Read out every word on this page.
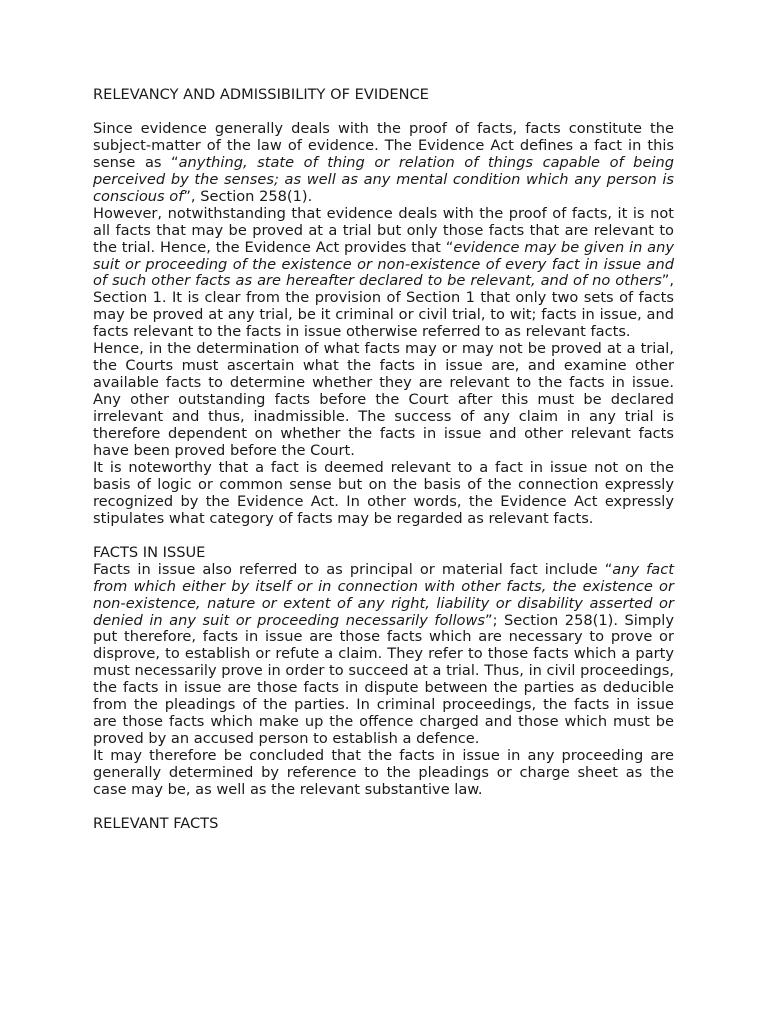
RELEVANCY AND ADMISSIBILITY OF EVIDENCE

Since evidence generally deals with the proof of facts, facts constitute the subject-matter of the law of evidence. The Evidence Act defines a fact in this sense as “anything, state of thing or relation of things capable of being perceived by the senses; as well as any mental condition which any person is conscious of”, Section 258(1).

However, notwithstanding that evidence deals with the proof of facts, it is not all facts that may be proved at a trial but only those facts that are relevant to the trial. Hence, the Evidence Act provides that “evidence may be given in any suit or proceeding of the existence or non-existence of every fact in issue and of such other facts as are hereafter declared to be relevant, and of no others”, Section 1. It is clear from the provision of Section 1 that only two sets of facts may be proved at any trial, be it criminal or civil trial, to wit; facts in issue, and facts relevant to the facts in issue otherwise referred to as relevant facts.

Hence, in the determination of what facts may or may not be proved at a trial, the Courts must ascertain what the facts in issue are, and examine other available facts to determine whether they are relevant to the facts in issue. Any other outstanding facts before the Court after this must be declared irrelevant and thus, inadmissible. The success of any claim in any trial is therefore dependent on whether the facts in issue and other relevant facts have been proved before the Court.

It is noteworthy that a fact is deemed relevant to a fact in issue not on the basis of logic or common sense but on the basis of the connection expressly recognized by the Evidence Act. In other words, the Evidence Act expressly stipulates what category of facts may be regarded as relevant facts.

FACTS IN ISSUE

Facts in issue also referred to as principal or material fact include “any fact from which either by itself or in connection with other facts, the existence or non-existence, nature or extent of any right, liability or disability asserted or denied in any suit or proceeding necessarily follows”; Section 258(1). Simply put therefore, facts in issue are those facts which are necessary to prove or disprove, to establish or refute a claim. They refer to those facts which a party must necessarily prove in order to succeed at a trial. Thus, in civil proceedings, the facts in issue are those facts in dispute between the parties as deducible from the pleadings of the parties. In criminal proceedings, the facts in issue are those facts which make up the offence charged and those which must be proved by an accused person to establish a defence.

It may therefore be concluded that the facts in issue in any proceeding are generally determined by reference to the pleadings or charge sheet as the case may be, as well as the relevant substantive law.

RELEVANT FACTS
